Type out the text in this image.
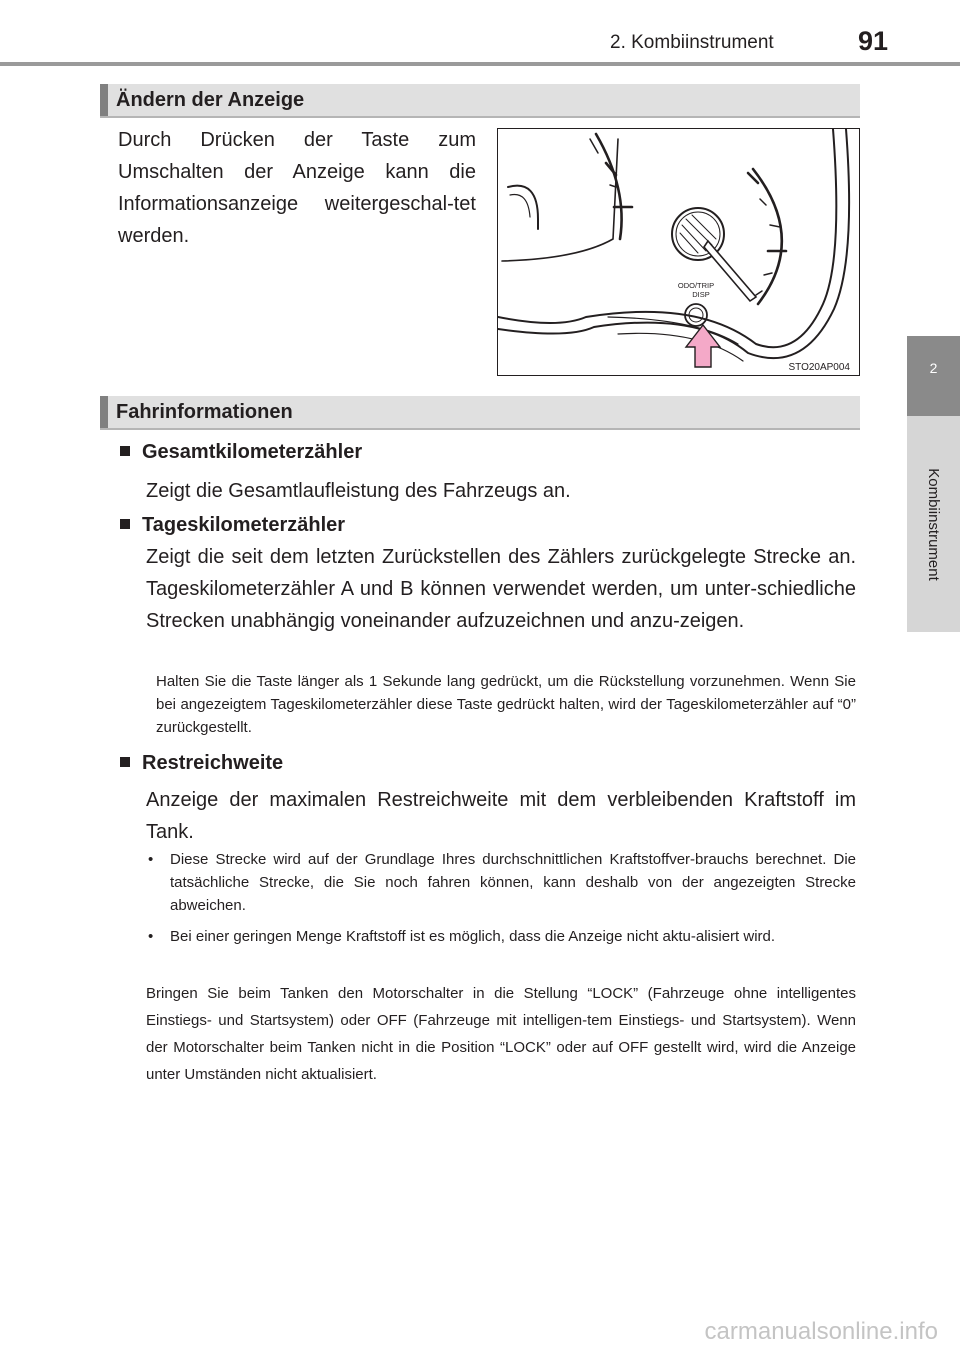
2. Kombiinstrument	91
2
Kombiinstrument
Ändern der Anzeige
Durch Drücken der Taste zum Umschalten der Anzeige kann die Informationsanzeige weitergeschal-tet werden.
ODO/TRIP
DISP
STO20AP004
Fahrinformationen
Gesamtkilometerzähler
Zeigt die Gesamtlaufleistung des Fahrzeugs an.
Tageskilometerzähler
Zeigt die seit dem letzten Zurückstellen des Zählers zurückgelegte Strecke an. Tageskilometerzähler A und B können verwendet werden, um unter-schiedliche Strecken unabhängig voneinander aufzuzeichnen und anzu-zeigen.
Halten Sie die Taste länger als 1 Sekunde lang gedrückt, um die Rückstellung vorzunehmen. Wenn Sie bei angezeigtem Tageskilometerzähler diese Taste gedrückt halten, wird der Tageskilometerzähler auf “0” zurückgestellt.
Restreichweite
Anzeige der maximalen Restreichweite mit dem verbleibenden Kraftstoff im Tank.
• Diese Strecke wird auf der Grundlage Ihres durchschnittlichen Kraftstoffver-brauchs berechnet. Die tatsächliche Strecke, die Sie noch fahren können, kann deshalb von der angezeigten Strecke abweichen.
• Bei einer geringen Menge Kraftstoff ist es möglich, dass die Anzeige nicht aktu-alisiert wird.
Bringen Sie beim Tanken den Motorschalter in die Stellung “LOCK” (Fahrzeuge ohne intelligentes Einstiegs- und Startsystem) oder OFF (Fahrzeuge mit intelligen-tem Einstiegs- und Startsystem). Wenn der Motorschalter beim Tanken nicht in die Position “LOCK” oder auf OFF gestellt wird, wird die Anzeige unter Umständen nicht aktualisiert.
carmanualsonline.info
